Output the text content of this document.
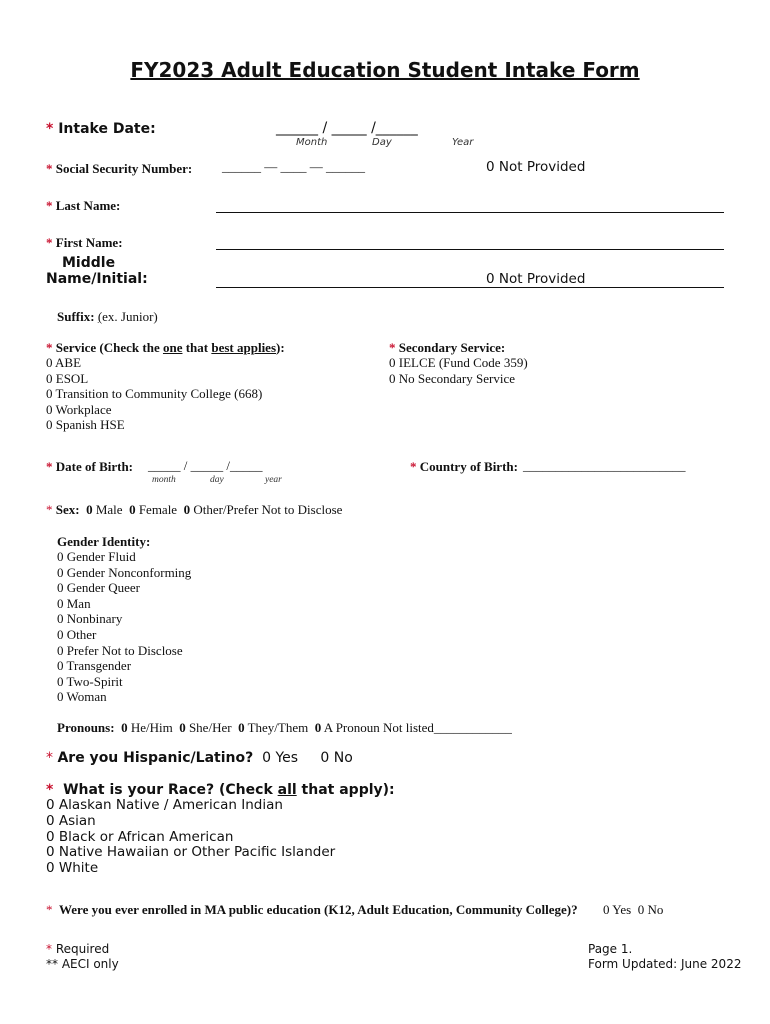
FY2023 Adult Education Student Intake Form
* Intake Date:	______ / _____ /______
Month	Day	Year
* Social Security Number: ______ — ____ — ______	0 Not Provided
* Last Name:
* First Name:
Middle
Name/Initial:	0 Not Provided
Suffix: (ex. Junior)
* Service (Check the one that best applies):
0 ABE
0 ESOL
0 Transition to Community College (668)
0 Workplace
0 Spanish HSE
* Secondary Service:
0 IELCE (Fund Code 359)
0 No Secondary Service
* Date of Birth: _____ / _____ /_____
month	day	year
* Country of Birth: _________________________
* Sex: 0 Male 0 Female 0 Other/Prefer Not to Disclose
Gender Identity:
0 Gender Fluid
0 Gender Nonconforming
0 Gender Queer
0 Man
0 Nonbinary
0 Other
0 Prefer Not to Disclose
0 Transgender
0 Two-Spirit
0 Woman
Pronouns: 0 He/Him 0 She/Her 0 They/Them 0 A Pronoun Not listed____________
* Are you Hispanic/Latino? 0 Yes 0 No
* What is your Race? (Check all that apply):
0 Alaskan Native / American Indian
0 Asian
0 Black or African American
0 Native Hawaiian or Other Pacific Islander
0 White
* Were you ever enrolled in MA public education (K12, Adult Education, Community College)? 0 Yes 0 No
* Required
** AECI only
Page 1.
Form Updated: June 2022
